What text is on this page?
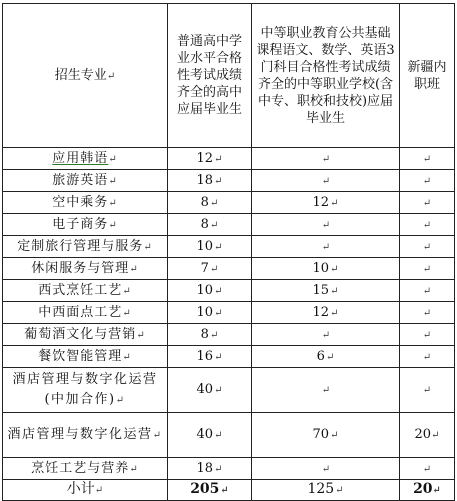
招生专业↵	普通高中学业水平合格性考试成绩齐全的高中应届毕业生	中等职业教育公共基础课程语文、数学、英语3门科目合格性考试成绩齐全的中等职业学校(含中专、职校和技校)应届毕业生	新疆内职班
应用韩语↵	12↵	↵	↵
旅游英语↵	18↵	↵	↵
空中乘务↵	8↵	12↵	↵
电子商务↵	8↵	↵	↵
定制旅行管理与服务↵	10↵	↵	↵
休闲服务与管理↵	7↵	10↵	↵
西式烹饪工艺↵	10↵	15↵	↵
中西面点工艺↵	10↵	12↵	↵
葡萄酒文化与营销↵	8↵	↵	↵
餐饮智能管理↵	16↵	6↵	↵
酒店管理与数字化运营(中加合作)↵	40↵	↵	↵
酒店管理与数字化运营↵	40↵	70↵	20↵
烹饪工艺与营养↵	18↵	↵	↵
小计↵	205↵	125↵	20↵
